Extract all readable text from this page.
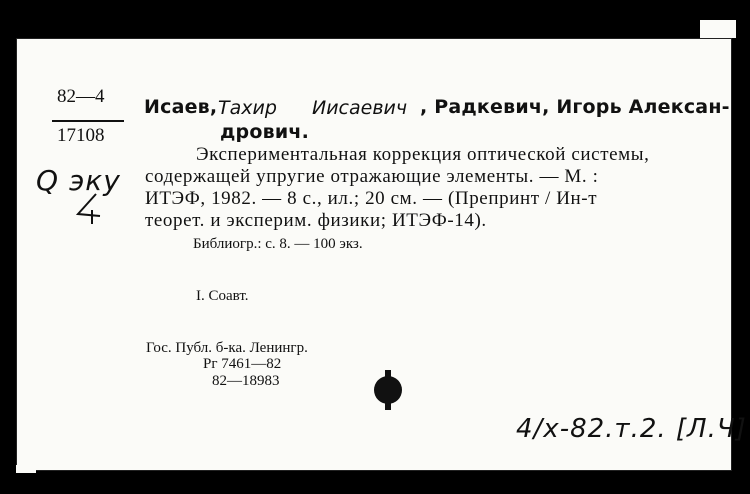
82—4
17108
Q эку
Исаев, Тахир Иисаевич , Радкевич, Игорь Алексан-
дрович.
Экспериментальная коррекция оптической системы,
содержащей упругие отражающие элементы. — М. :
ИТЭФ, 1982. — 8 с., ил.; 20 см. — (Препринт / Ин-т
теорет. и эксперим. физики; ИТЭФ-14).
Библиогр.: с. 8. — 100 экз.
I. Соавт.
Гос. Публ. б-ка. Ленингр.
Рг 7461—82
82—18983
4/x-82.т.2. [Л.Ч]
